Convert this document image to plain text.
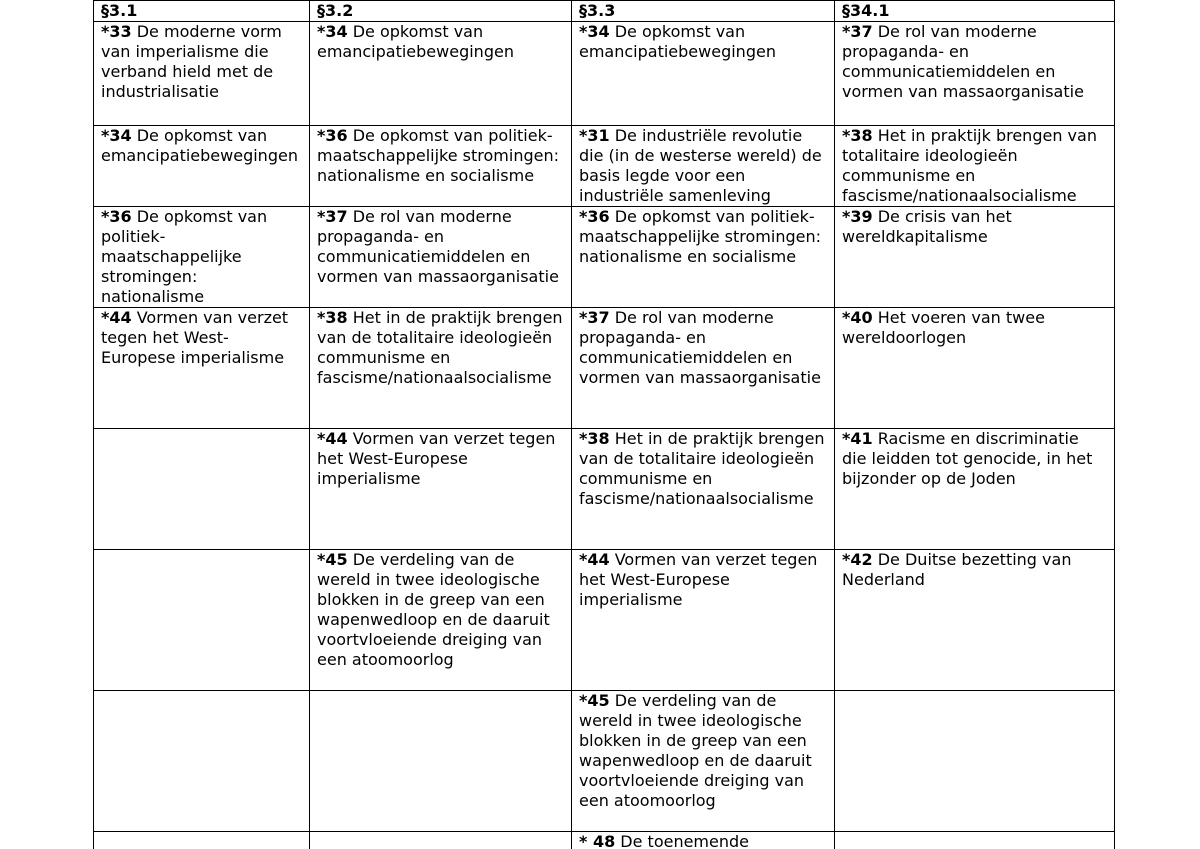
§3.1	§3.2	§3.3	§34.1
*33 De moderne vorm van imperialisme die verband hield met de industrialisatie	*34 De opkomst van emancipatiebewegingen	*34 De opkomst van emancipatiebewegingen	*37 De rol van moderne propaganda- en communicatiemiddelen en vormen van massaorganisatie
*34 De opkomst van emancipatiebewegingen	*36 De opkomst van politiek-maatschappelijke stromingen: nationalisme en socialisme	*31 De industriële revolutie die (in de westerse wereld) de basis legde voor een industriële samenleving	*38 Het in praktijk brengen van totalitaire ideologieën communisme en fascisme/nationaalsocialisme
*36 De opkomst van politiek-maatschappelijke stromingen: nationalisme	*37 De rol van moderne propaganda- en communicatiemiddelen en vormen van massaorganisatie	*36 De opkomst van politiek-maatschappelijke stromingen: nationalisme en socialisme	*39 De crisis van het wereldkapitalisme
*44 Vormen van verzet tegen het West-Europese imperialisme	*38 Het in de praktijk brengen van de totalitaire ideologieën communisme en fascisme/nationaalsocialisme	*37 De rol van moderne propaganda- en communicatiemiddelen en vormen van massaorganisatie	*40 Het voeren van twee wereldoorlogen
	*44 Vormen van verzet tegen het West-Europese imperialisme	*38 Het in de praktijk brengen van de totalitaire ideologieën communisme en fascisme/nationaalsocialisme	*41 Racisme en discriminatie die leidden tot genocide, in het bijzonder op de Joden
	*45 De verdeling van de wereld in twee ideologische blokken in de greep van een wapenwedloop en de daaruit voortvloeiende dreiging van een atoomoorlog	*44 Vormen van verzet tegen het West-Europese imperialisme	*42 De Duitse bezetting van Nederland
		*45 De verdeling van de wereld in twee ideologische blokken in de greep van een wapenwedloop en de daaruit voortvloeiende dreiging van een atoomoorlog	
		* 48 De toenemende	
